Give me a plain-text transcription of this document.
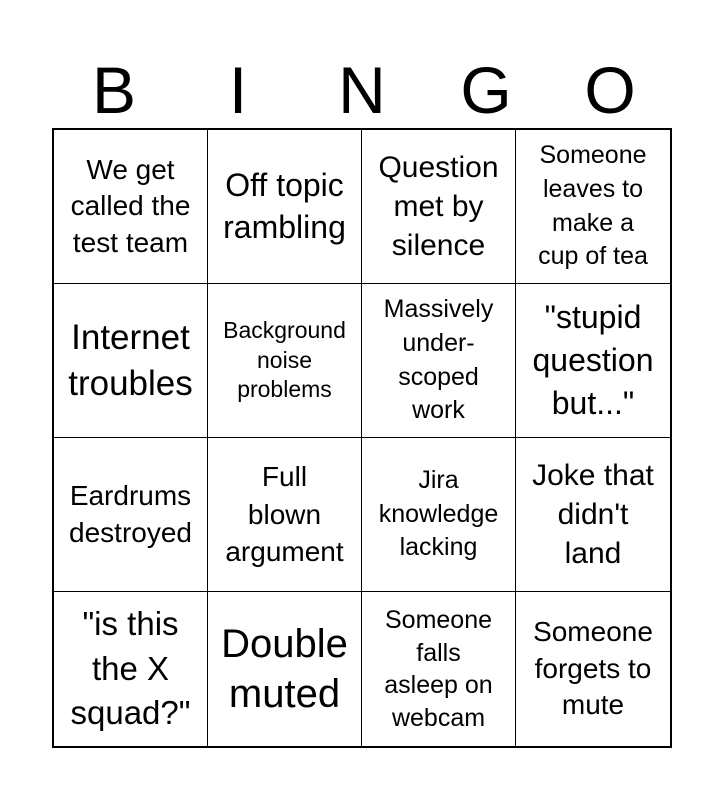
B	I	N	G	O
We get
called the
test team
Off topic
rambling
Question
met by
silence
Someone
leaves to
make a
cup of tea
Internet
troubles
Background
noise
problems
Massively
under-
scoped
work
"stupid
question
but..."
Eardrums
destroyed
Full
blown
argument
Jira
knowledge
lacking
Joke that
didn't
land
"is this
the X
squad?"
Double
muted
Someone
falls
asleep on
webcam
Someone
forgets to
mute
